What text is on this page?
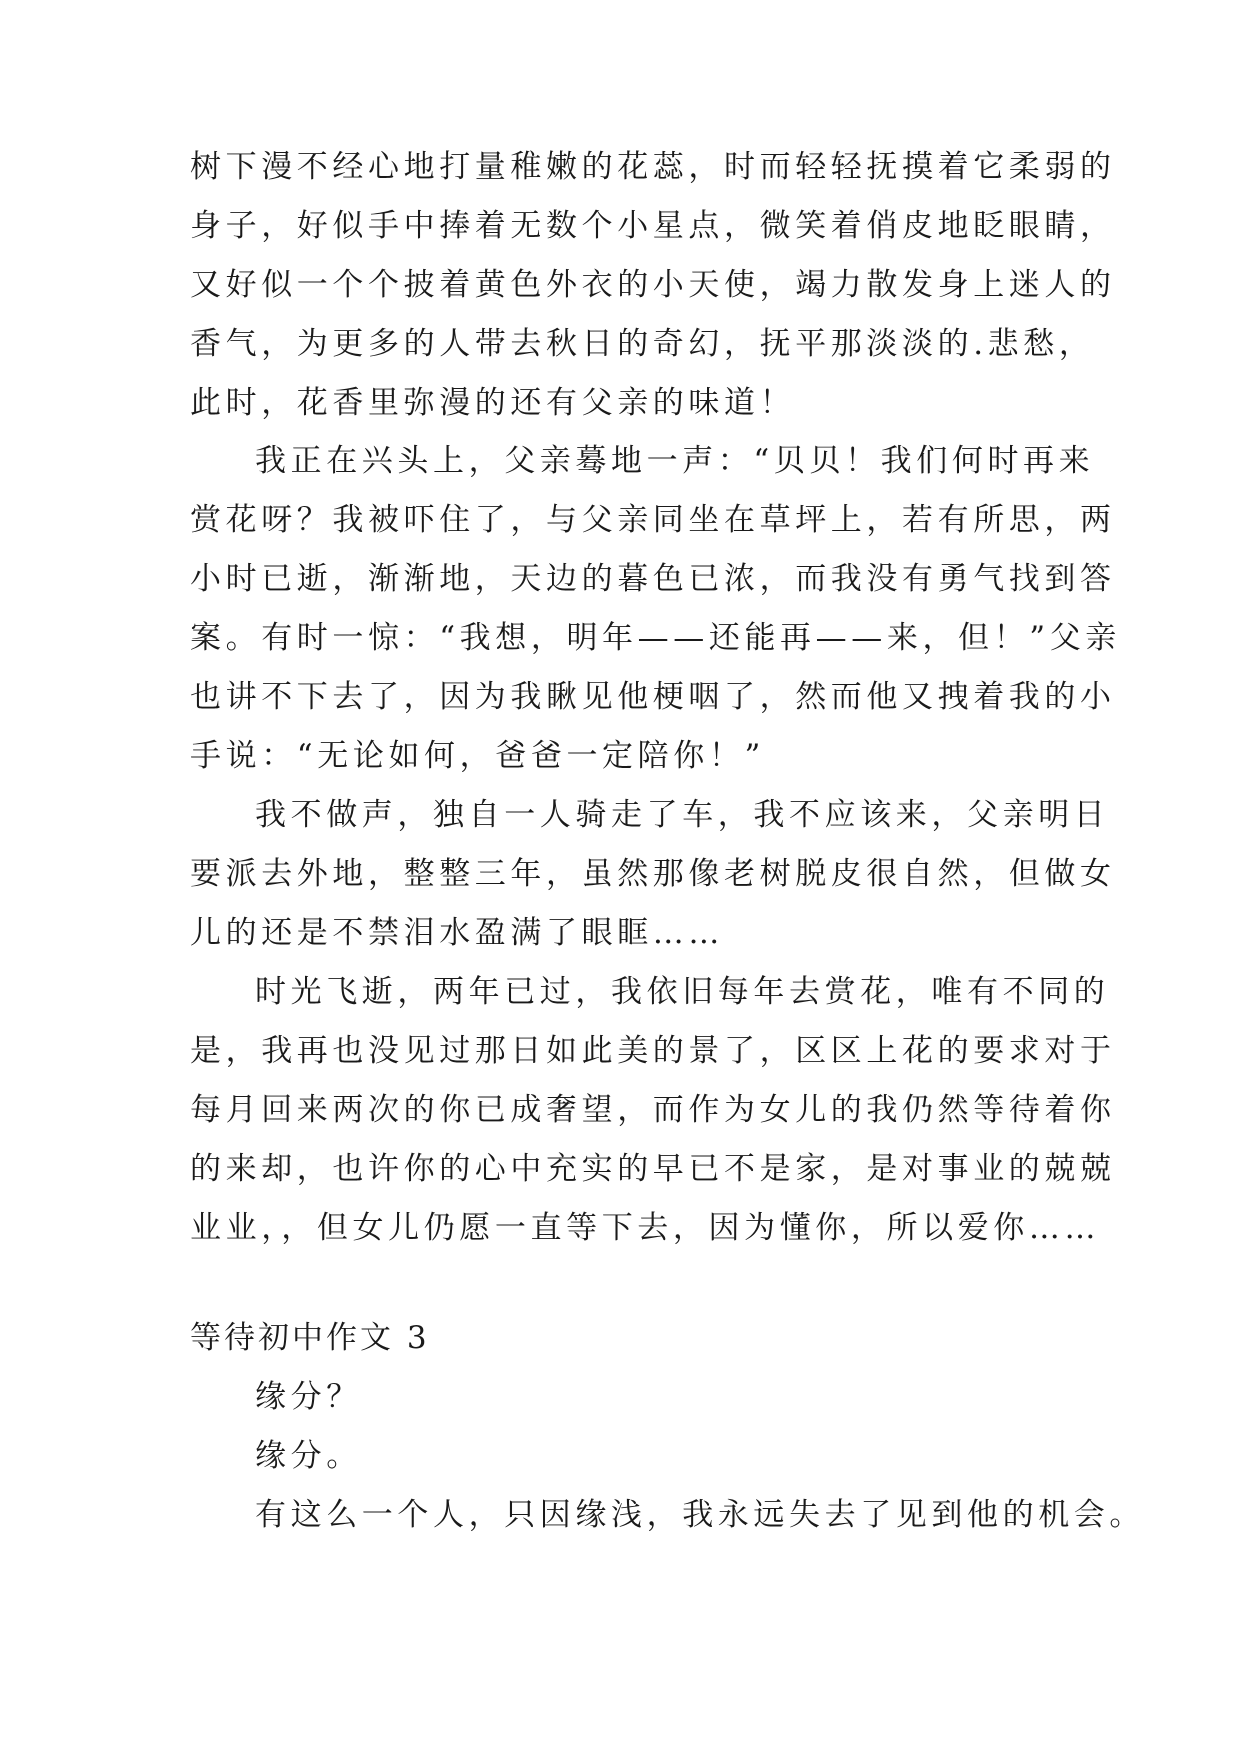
树下漫不经心地打量稚嫩的花蕊，时而轻轻抚摸着它柔弱的
身子，好似手中捧着无数个小星点，微笑着俏皮地眨眼睛，
又好似一个个披着黄色外衣的小天使，竭力散发身上迷人的
香气，为更多的人带去秋日的奇幻，抚平那淡淡的.悲愁，
此时，花香里弥漫的还有父亲的味道！
我正在兴头上，父亲蓦地一声：“贝贝！我们何时再来
赏花呀？我被吓住了，与父亲同坐在草坪上，若有所思，两
小时已逝，渐渐地，天边的暮色已浓，而我没有勇气找到答
案。有时一惊：“我想，明年——还能再——来，但！”父亲
也讲不下去了，因为我瞅见他梗咽了，然而他又拽着我的小
手说：“无论如何，爸爸一定陪你！”
我不做声，独自一人骑走了车，我不应该来，父亲明日
要派去外地，整整三年，虽然那像老树脱皮很自然，但做女
儿的还是不禁泪水盈满了眼眶……
时光飞逝，两年已过，我依旧每年去赏花，唯有不同的
是，我再也没见过那日如此美的景了，区区上花的要求对于
每月回来两次的你已成奢望，而作为女儿的我仍然等待着你
的来却，也许你的心中充实的早已不是家，是对事业的兢兢
业业，，但女儿仍愿一直等下去，因为懂你，所以爱你……
等待初中作文 3
缘分？
缘分。
有这么一个人，只因缘浅，我永远失去了见到他的机会。
